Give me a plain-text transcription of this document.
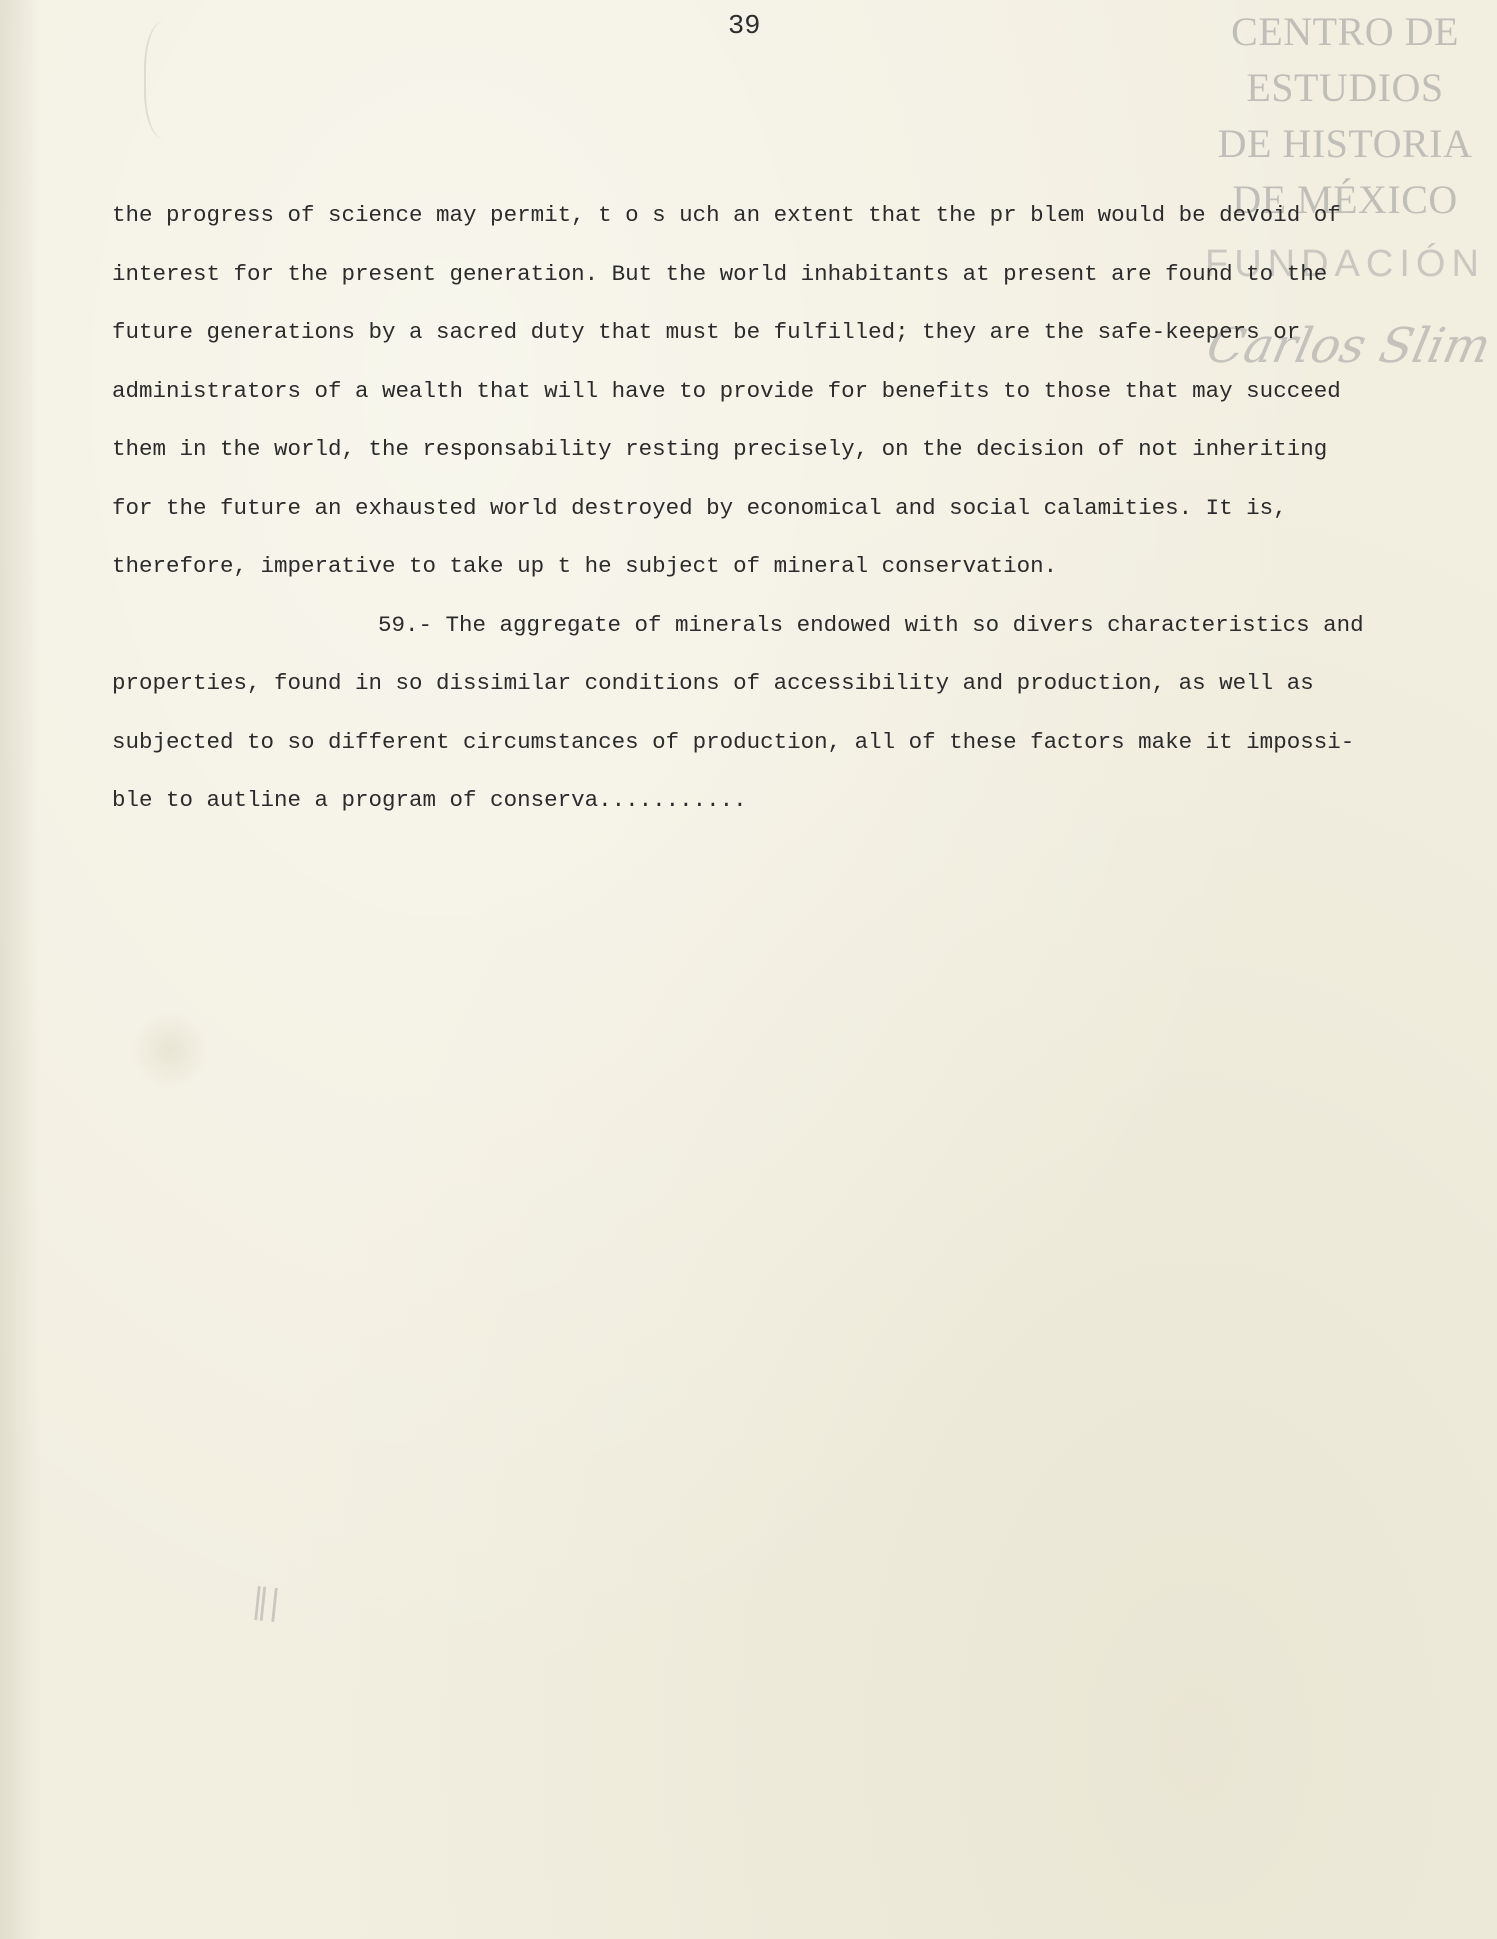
39	CENTRO DE
ESTUDIOS
DE HISTORIA
DE MÉXICO
FUNDACIÓN
Carlos Slim
the progress of science may permit, t o s uch an extent that the pr blem would be devoid of
interest for the present generation. But the world inhabitants at present are found to the
future generations by a sacred duty that must be fulfilled; they are the safe-keepers or
administrators of a wealth that will have to provide for benefits to those that may succeed
them in the world, the responsability resting precisely, on the decision of not inheriting
for the future an exhausted world destroyed by economical and social calamities. It is,
therefore, imperative to take up t he subject of mineral conservation.
59.- The aggregate of minerals endowed with so divers characteristics and
properties, found in so dissimilar conditions of accessibility and production, as well as
subjected to so different circumstances of production, all of these factors make it impossi-
ble to autline a program of conserva...........
‖|
